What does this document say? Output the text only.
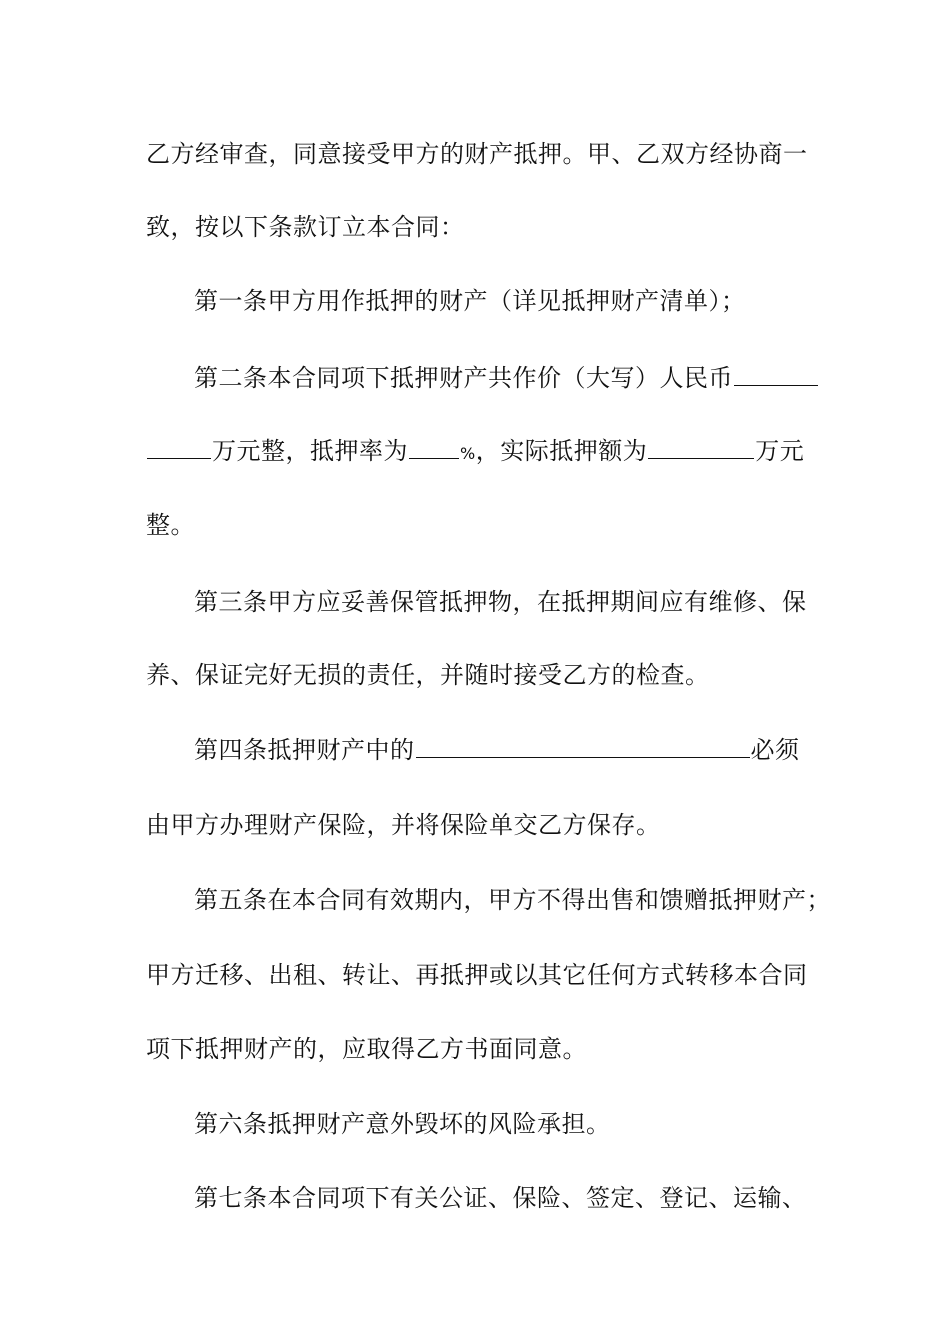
乙方经审查，同意接受甲方的财产抵押。甲、乙双方经协商一
致，按以下条款订立本合同：
第一条甲方用作抵押的财产（详见抵押财产清单）；
第二条本合同项下抵押财产共作价（大写）人民币
万元整，抵押率为	%，实际抵押额为	万元
整。
第三条甲方应妥善保管抵押物，在抵押期间应有维修、保
养、保证完好无损的责任，并随时接受乙方的检查。
第四条抵押财产中的	必须
由甲方办理财产保险，并将保险单交乙方保存。
第五条在本合同有效期内，甲方不得出售和馈赠抵押财产；
甲方迁移、出租、转让、再抵押或以其它任何方式转移本合同
项下抵押财产的，应取得乙方书面同意。
第六条抵押财产意外毁坏的风险承担。
第七条本合同项下有关公证、保险、签定、登记、运输、
